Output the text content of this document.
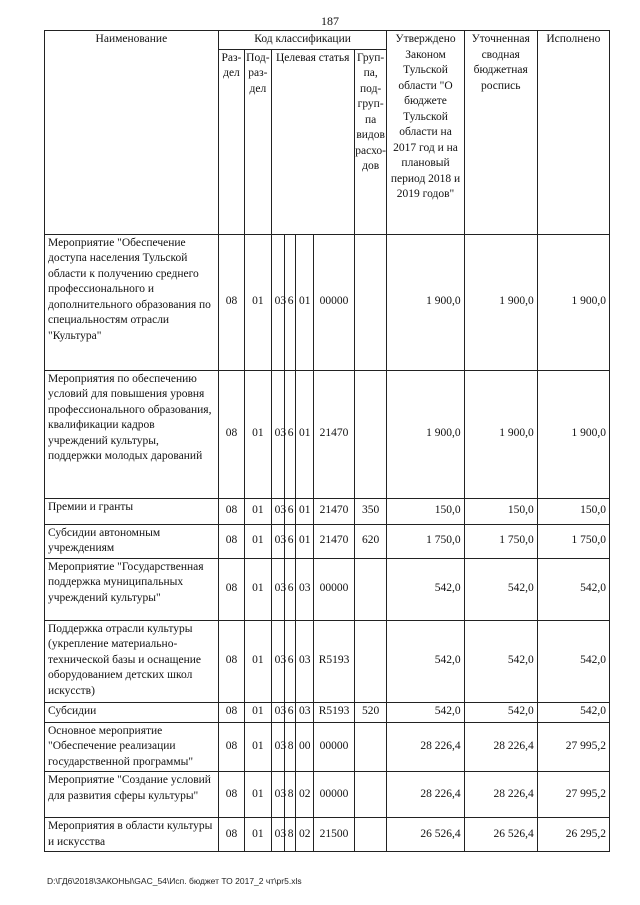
187
Наименование	Код классификации							Утверждено Законом Тульской области "О бюджете Тульской области на 2017 год и на плановый период 2018 и 2019 годов"	Уточненная сводная бюджетная роспись	Исполнено
	Раз-дел	Под-раз-дел	Целевая статья				Груп-па, под-груп-па видов расхо-дов			
Мероприятие "Обеспечение доступа населения Тульской области к получению среднего профессионального и дополнительного образования по специальностям отрасли "Культура"	08	01	03	6	01	00000		1 900,0	1 900,0	1 900,0
Мероприятия по обеспечению условий для повышения уровня профессионального образования, квалификации кадров учреждений культуры, поддержки молодых дарований	08	01	03	6	01	21470		1 900,0	1 900,0	1 900,0
Премии и гранты	08	01	03	6	01	21470	350	150,0	150,0	150,0
Субсидии автономным учреждениям	08	01	03	6	01	21470	620	1 750,0	1 750,0	1 750,0
Мероприятие "Государственная поддержка муниципальных учреждений культуры"	08	01	03	6	03	00000		542,0	542,0	542,0
Поддержка отрасли культуры (укрепление материально-технической базы и оснащение оборудованием детских школ искусств)	08	01	03	6	03	R5193		542,0	542,0	542,0
Субсидии	08	01	03	6	03	R5193	520	542,0	542,0	542,0
Основное мероприятие "Обеспечение реализации государственной программы"	08	01	03	8	00	00000		28 226,4	28 226,4	27 995,2
Мероприятие "Создание условий для развития сферы культуры"	08	01	03	8	02	00000		28 226,4	28 226,4	27 995,2
Мероприятия в области культуры и искусства	08	01	03	8	02	21500		26 526,4	26 526,4	26 295,2
D:\ГД6\2018\ЗАКОНЫ\GAC_54\Исп. бюджет ТО 2017_2 чт\pr5.xls
